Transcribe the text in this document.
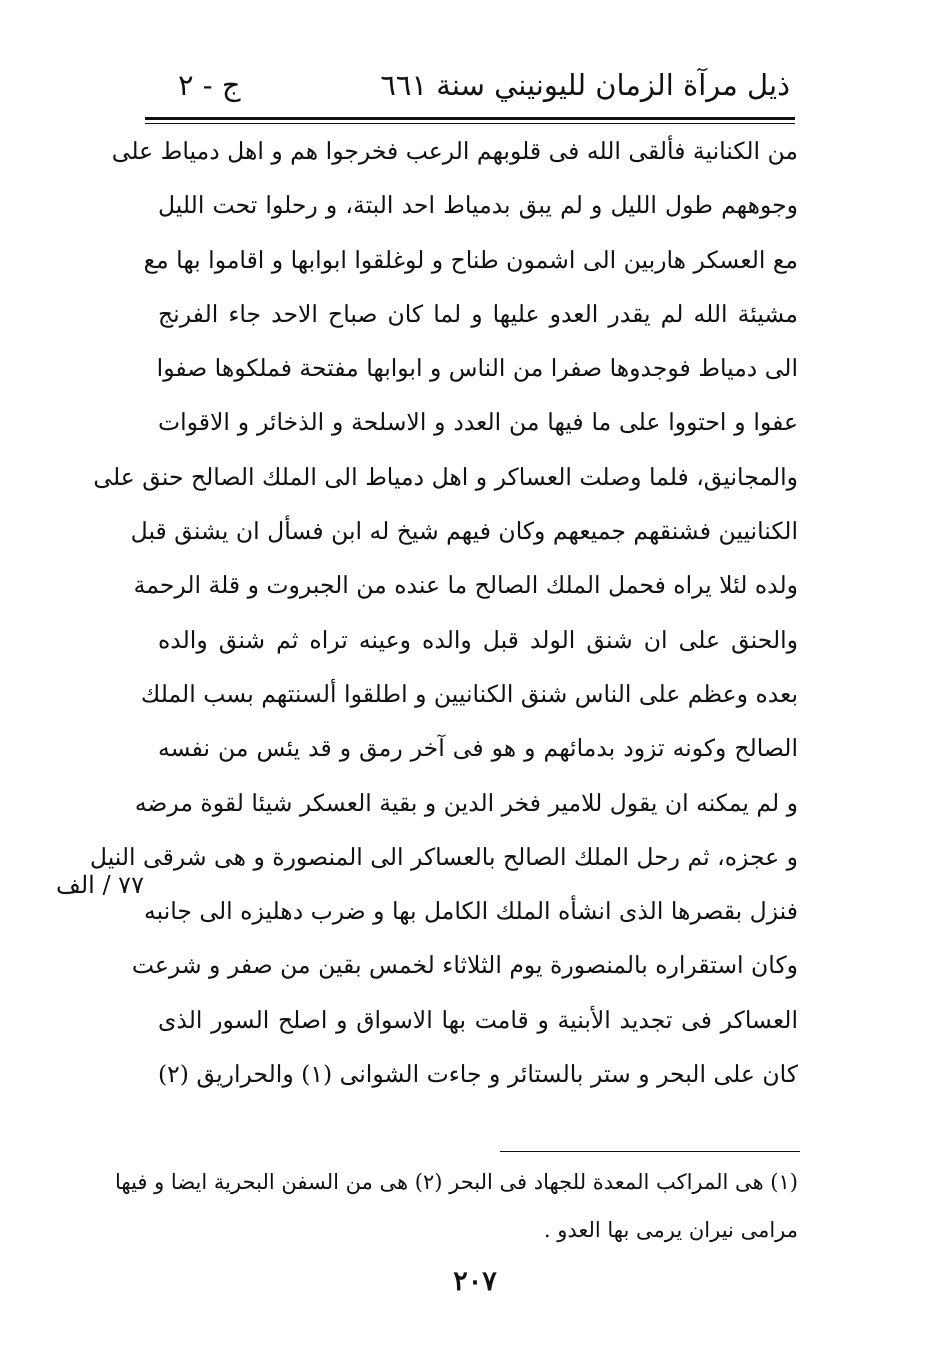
ذيل مرآة الزمان لليونيني سنة ٦٦١
ج - ٢
من الكنانية فألقى الله فى قلوبهم الرعب فخرجوا هم و اهل دمياط على
وجوههم طول الليل و لم يبق بدمياط احد البتة، و رحلوا تحت الليل
مع العسكر هاربين الى اشمون طناح و لوغلقوا ابوابها و اقاموا بها مع
مشيئة الله لم يقدر العدو عليها و لما كان صباح الاحد جاء الفرنج
الى دمياط فوجدوها صفرا من الناس و ابوابها مفتحة فملكوها صفوا
عفوا و احتووا على ما فيها من العدد و الاسلحة و الذخائر و الاقوات
والمجانيق، فلما وصلت العساكر و اهل دمياط الى الملك الصالح حنق على
الكنانيين فشنقهم جميعهم وكان فيهم شيخ له ابن فسأل ان يشنق قبل
ولده لئلا يراه فحمل الملك الصالح ما عنده من الجبروت و قلة الرحمة
والحنق على ان شنق الولد قبل والده وعينه تراه ثم شنق والده
بعده وعظم على الناس شنق الكنانيين و اطلقوا ألسنتهم بسب الملك
الصالح وكونه تزود بدمائهم و هو فى آخر رمق و قد يئس من نفسه
و لم يمكنه ان يقول للامير فخر الدين و بقية العسكر شيئا لقوة مرضه
و عجزه، ثم رحل الملك الصالح بالعساكر الى المنصورة و هى شرقى النيل
فنزل بقصرها الذى انشأه الملك الكامل بها و ضرب دهليزه الى جانبه
وكان استقراره بالمنصورة يوم الثلاثاء لخمس بقين من صفر و شرعت
العساكر فى تجديد الأبنية و قامت بها الاسواق و اصلح السور الذى
كان على البحر و ستر بالستائر و جاءت الشوانى (١) والحراريق (٢)
٧٧ / الف
(١) هى المراكب المعدة للجهاد فى البحر (٢) هى من السفن البحرية ايضا و فيها
مرامى نيران يرمى بها العدو .
٢٠٧
